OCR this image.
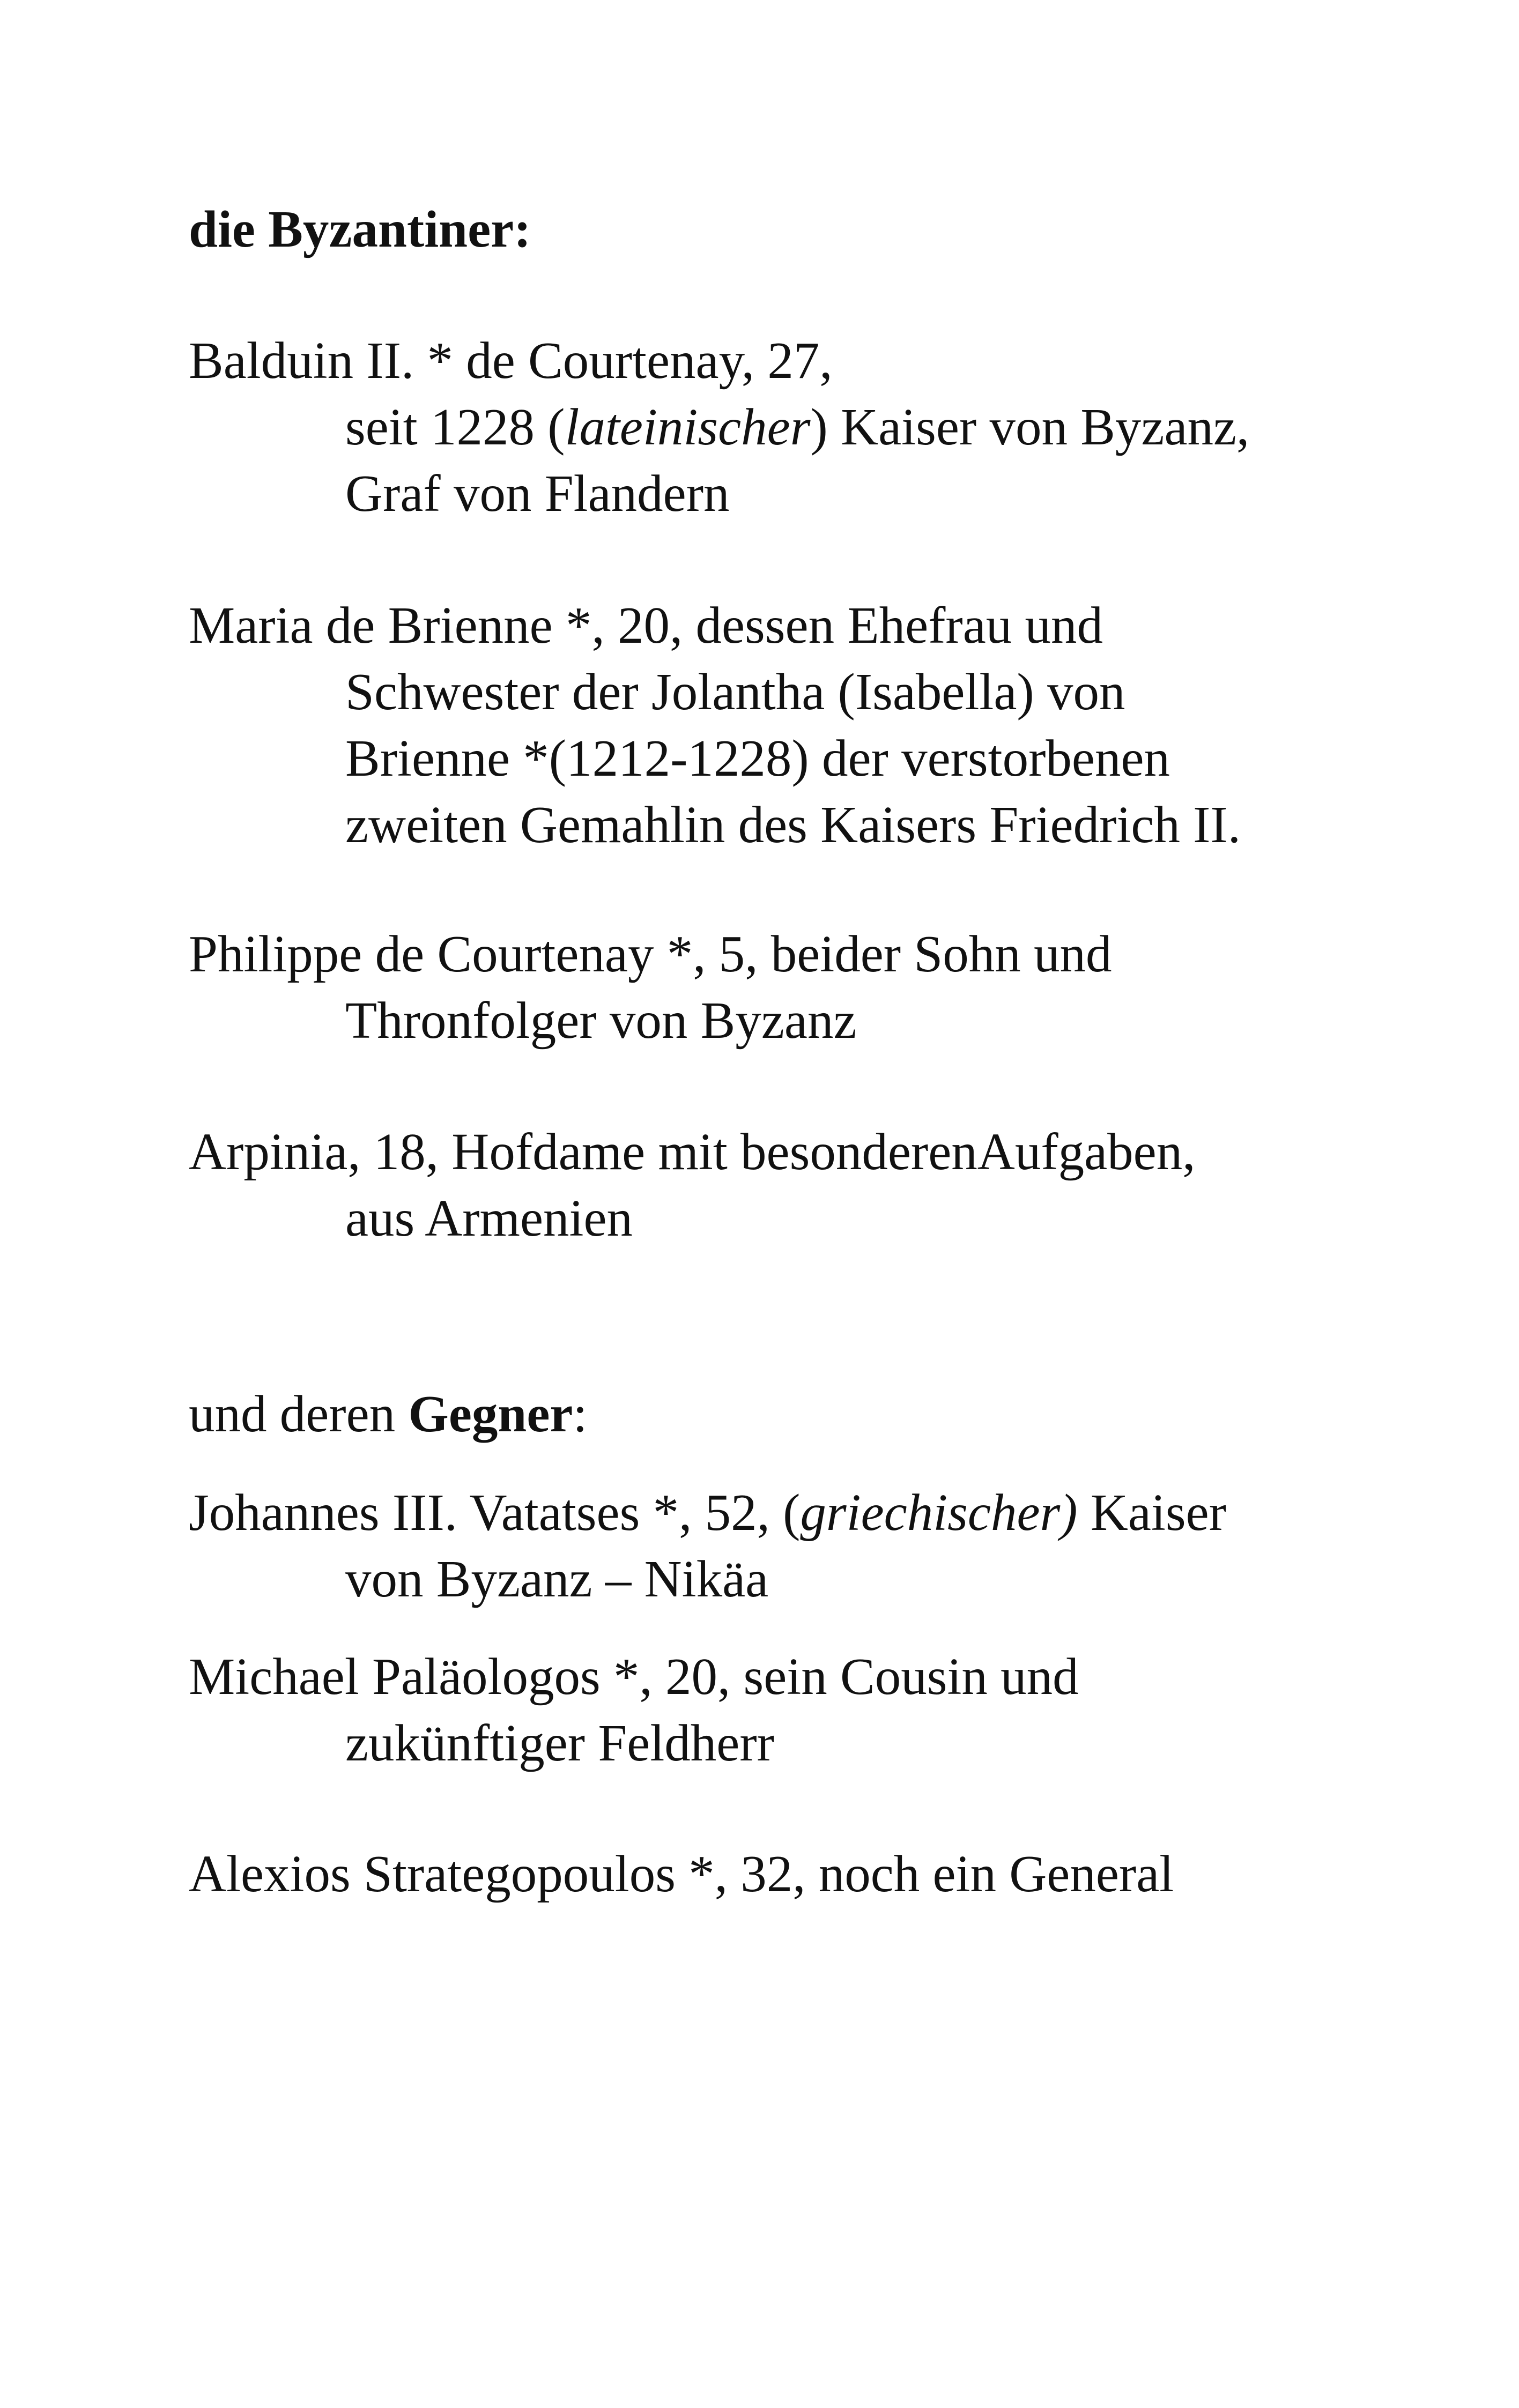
die Byzantiner:

Balduin II. * de Courtenay, 27,
seit 1228 (lateinischer) Kaiser von Byzanz,
Graf von Flandern

Maria de Brienne *, 20, dessen Ehefrau und
Schwester der Jolantha (Isabella) von
Brienne *(1212-1228) der verstorbenen
zweiten Gemahlin des Kaisers Friedrich II.

Philippe de Courtenay *, 5, beider Sohn und
Thronfolger von Byzanz

Arpinia, 18, Hofdame mit besonderenAufgaben,
aus Armenien

und deren Gegner:

Johannes III. Vatatses *, 52, (griechischer) Kaiser
von Byzanz – Nikäa

Michael Paläologos *, 20, sein Cousin und
zukünftiger Feldherr

Alexios Strategopoulos *, 32, noch ein General
